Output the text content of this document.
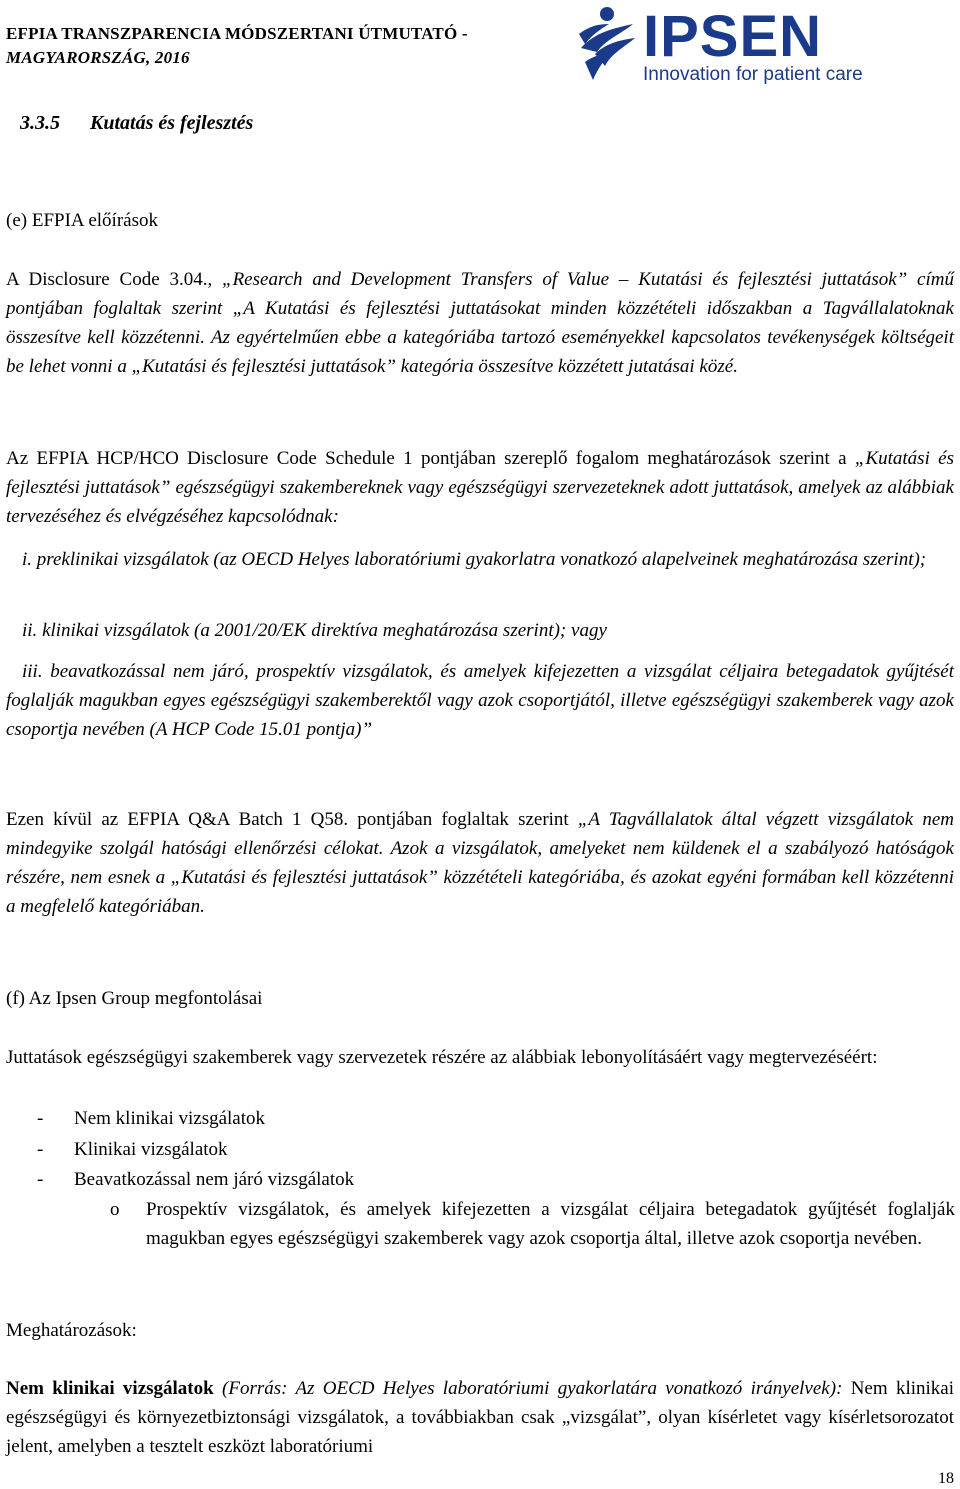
EFPIA TRANSZPARENCIA MÓDSZERTANI ÚTMUTATÓ -
MAGYARORSZÁG, 2016	IPSEN
Innovation for patient care
3.3.5 Kutatás és fejlesztés
(e) EFPIA előírások
A Disclosure Code 3.04., „Research and Development Transfers of Value – Kutatási és fejlesztési juttatások” című pontjában foglaltak szerint „A Kutatási és fejlesztési juttatásokat minden közzétételi időszakban a Tagvállalatoknak összesítve kell közzétenni. Az egyértelműen ebbe a kategóriába tartozó eseményekkel kapcsolatos tevékenységek költségeit be lehet vonni a „Kutatási és fejlesztési juttatások” kategória összesítve közzétett jutatásai közé.
Az EFPIA HCP/HCO Disclosure Code Schedule 1 pontjában szereplő fogalom meghatározások szerint a „Kutatási és fejlesztési juttatások” egészségügyi szakembereknek vagy egészségügyi szervezeteknek adott juttatások, amelyek az alábbiak tervezéséhez és elvégzéséhez kapcsolódnak:
i. preklinikai vizsgálatok (az OECD Helyes laboratóriumi gyakorlatra vonatkozó alapelveinek meghatározása szerint);
ii. klinikai vizsgálatok (a 2001/20/EK direktíva meghatározása szerint); vagy
iii. beavatkozással nem járó, prospektív vizsgálatok, és amelyek kifejezetten a vizsgálat céljaira betegadatok gyűjtését foglalják magukban egyes egészségügyi szakemberektől vagy azok csoportjától, illetve egészségügyi szakemberek vagy azok csoportja nevében (A HCP Code 15.01 pontja)”
Ezen kívül az EFPIA Q&A Batch 1 Q58. pontjában foglaltak szerint „A Tagvállalatok által végzett vizsgálatok nem mindegyike szolgál hatósági ellenőrzési célokat. Azok a vizsgálatok, amelyeket nem küldenek el a szabályozó hatóságok részére, nem esnek a „Kutatási és fejlesztési juttatások” közzétételi kategóriába, és azokat egyéni formában kell közzétenni a megfelelő kategóriában.
(f) Az Ipsen Group megfontolásai
Juttatások egészségügyi szakemberek vagy szervezetek részére az alábbiak lebonyolításáért vagy megtervezéséért:
- Nem klinikai vizsgálatok
- Klinikai vizsgálatok
- Beavatkozással nem járó vizsgálatok
o Prospektív vizsgálatok, és amelyek kifejezetten a vizsgálat céljaira betegadatok gyűjtését foglalják magukban egyes egészségügyi szakemberek vagy azok csoportja által, illetve azok csoportja nevében.
Meghatározások:
Nem klinikai vizsgálatok (Forrás: Az OECD Helyes laboratóriumi gyakorlatára vonatkozó irányelvek): Nem klinikai egészségügyi és környezetbiztonsági vizsgálatok, a továbbiakban csak „vizsgálat”, olyan kísérletet vagy kísérletsorozatot jelent, amelyben a tesztelt eszközt laboratóriumi
18
